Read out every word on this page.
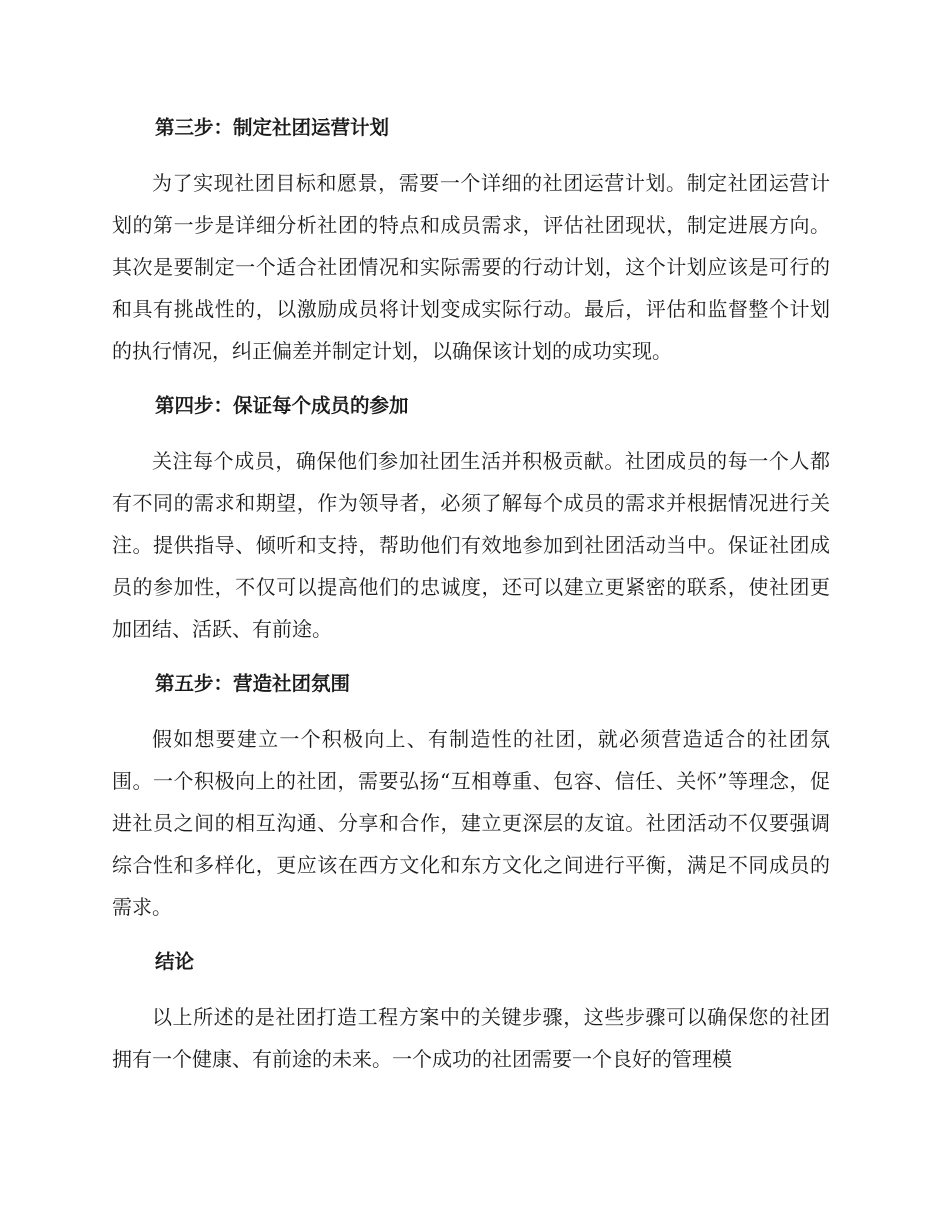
第三步：制定社团运营计划

为了实现社团目标和愿景，需要一个详细的社团运营计划。制定社团运营计划的第一步是详细分析社团的特点和成员需求，评估社团现状，制定进展方向。其次是要制定一个适合社团情况和实际需要的行动计划，这个计划应该是可行的和具有挑战性的，以激励成员将计划变成实际行动。最后，评估和监督整个计划的执行情况，纠正偏差并制定计划，以确保该计划的成功实现。

第四步：保证每个成员的参加

关注每个成员，确保他们参加社团生活并积极贡献。社团成员的每一个人都有不同的需求和期望，作为领导者，必须了解每个成员的需求并根据情况进行关注。提供指导、倾听和支持，帮助他们有效地参加到社团活动当中。保证社团成员的参加性，不仅可以提高他们的忠诚度，还可以建立更紧密的联系，使社团更加团结、活跃、有前途。

第五步：营造社团氛围

假如想要建立一个积极向上、有制造性的社团，就必须营造适合的社团氛围。一个积极向上的社团，需要弘扬“互相尊重、包容、信任、关怀”等理念，促进社员之间的相互沟通、分享和合作，建立更深层的友谊。社团活动不仅要强调综合性和多样化，更应该在西方文化和东方文化之间进行平衡，满足不同成员的需求。

结论

以上所述的是社团打造工程方案中的关键步骤，这些步骤可以确保您的社团拥有一个健康、有前途的未来。一个成功的社团需要一个良好的管理模
